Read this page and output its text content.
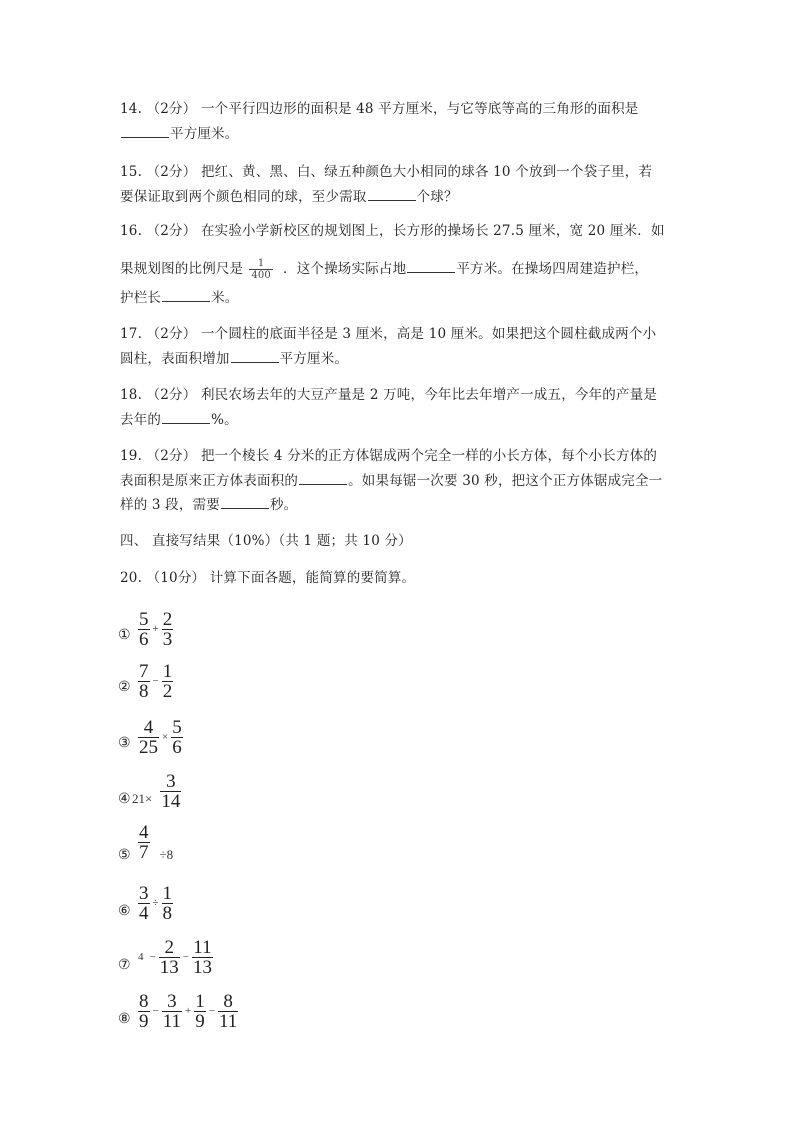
14. （2分） 一个平行四边形的面积是 48 平方厘米，与它等底等高的三角形的面积是
平方厘米。
15. （2分） 把红、黄、黑、白、绿五种颜色大小相同的球各 10 个放到一个袋子里，若
要保证取到两个颜色相同的球，至少需取	个球？
16. （2分） 在实验小学新校区的规划图上，长方形的操场长 27.5 厘米，宽 20 厘米．如
果规划图的比例尺是 $\frac{1}{400}$ ．这个操场实际占地	平方米。在操场四周建造护栏，
护栏长	米。
17. （2分） 一个圆柱的底面半径是 3 厘米，高是 10 厘米。如果把这个圆柱截成两个小
圆柱，表面积增加	平方厘米。
18. （2分） 利民农场去年的大豆产量是 2 万吨，今年比去年增产一成五，今年的产量是
去年的	%。
19. （2分） 把一个棱长 4 分米的正方体锯成两个完全一样的小长方体，每个小长方体的
表面积是原来正方体表面积的	。如果每锯一次要 30 秒，把这个正方体锯成完全一
样的 3 段，需要	秒。
四、 直接写结果（10%）（共 1 题；共 10 分）
20. （10分） 计算下面各题，能简算的要简算。
① $\frac{5}{6} + \frac{2}{3}$
② $\frac{7}{8} - \frac{1}{2}$
③ $\frac{4}{25} \times \frac{5}{6}$
④ $21\times \frac{3}{14}$
⑤ $\frac{4}{7} \div 8$
⑥ $\frac{3}{4} \div \frac{1}{8}$
⑦ $4 - \frac{2}{13} - \frac{11}{13}$
⑧ $\frac{8}{9} - \frac{3}{11} + \frac{1}{9} - \frac{8}{11}$
